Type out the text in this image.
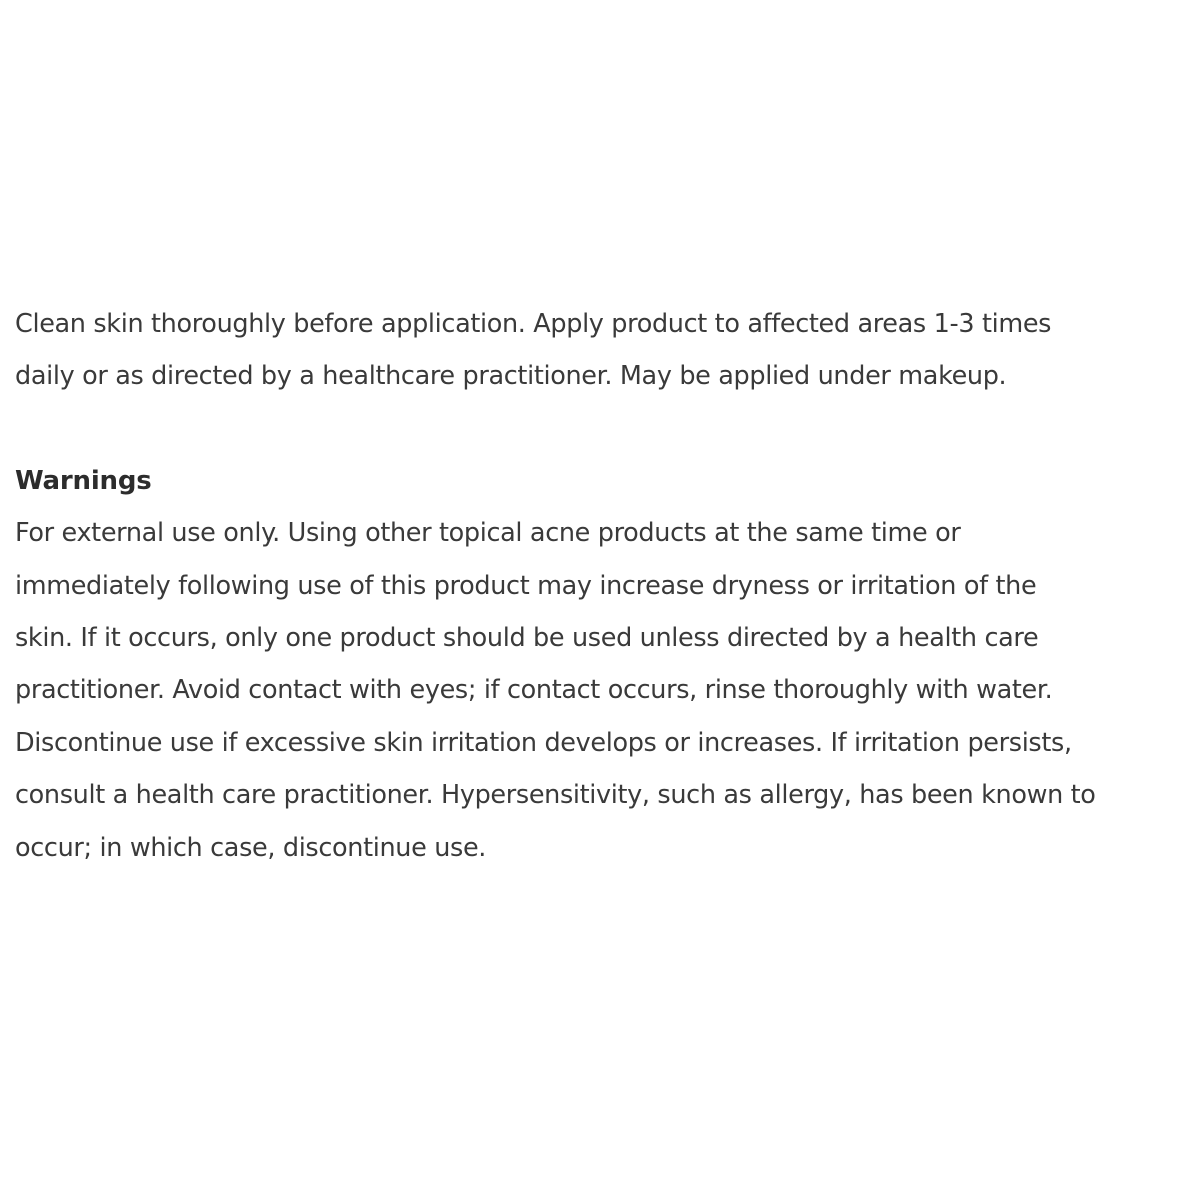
Clean skin thoroughly before application. Apply product to affected areas 1-3 times
daily or as directed by a healthcare practitioner. May be applied under makeup.

Warnings

For external use only. Using other topical acne products at the same time or
immediately following use of this product may increase dryness or irritation of the
skin. If it occurs, only one product should be used unless directed by a health care
practitioner. Avoid contact with eyes; if contact occurs, rinse thoroughly with water.
Discontinue use if excessive skin irritation develops or increases. If irritation persists,
consult a health care practitioner. Hypersensitivity, such as allergy, has been known to
occur; in which case, discontinue use.
